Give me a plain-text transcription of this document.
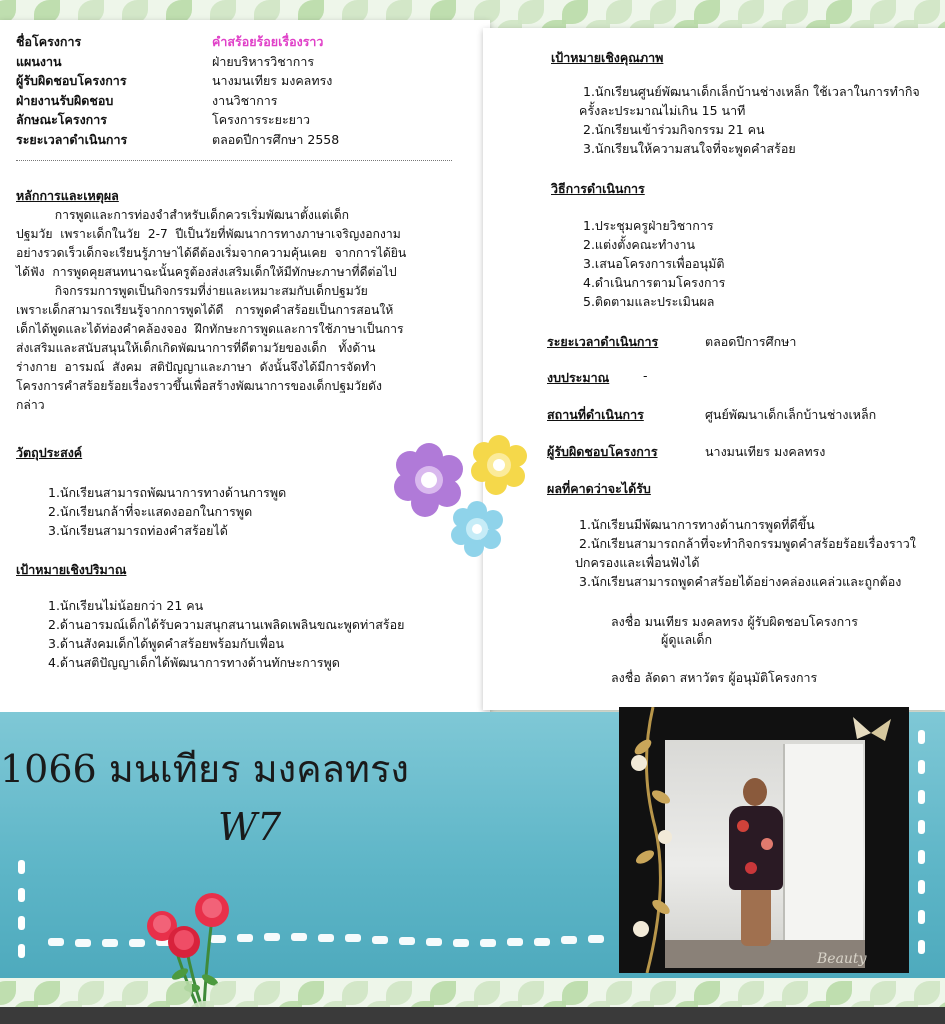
ชื่อโครงการ	คำสร้อยร้อยเรื่องราว
แผนงาน	ฝ่ายบริหารวิชาการ
ผู้รับผิดชอบโครงการ	นางมนเทียร มงคลทรง
ฝ่ายงานรับผิดชอบ	งานวิชาการ
ลักษณะโครงการ	โครงการระยะยาว
ระยะเวลาดำเนินการ	ตลอดปีการศึกษา 2558
หลักการและเหตุผล
การพูดและการท่องจำสำหรับเด็กควรเริ่มพัฒนาตั้งแต่เด็ก
ปฐมวัย  เพราะเด็กในวัย  2-7  ปีเป็นวัยที่พัฒนาการทางภาษาเจริญงอกงาม
อย่างรวดเร็วเด็กจะเรียนรู้ภาษาได้ดีต้องเริ่มจากความคุ้นเคย  จากการได้ยิน
ได้ฟัง  การพูดคุยสนทนาฉะนั้นครูต้องส่งเสริมเด็กให้มีทักษะภาษาที่ดีต่อไป
กิจกรรมการพูดเป็นกิจกรรมที่ง่ายและเหมาะสมกับเด็กปฐมวัย
เพราะเด็กสามารถเรียนรู้จากการพูดได้ดี   การพูดคำสร้อยเป็นการสอนให้
เด็กได้พูดและได้ท่องคำคล้องจอง  ฝึกทักษะการพูดและการใช้ภาษาเป็นการ
ส่งเสริมและสนับสนุนให้เด็กเกิดพัฒนาการที่ดีตามวัยของเด็ก   ทั้งด้าน
ร่างกาย  อารมณ์  สังคม  สติปัญญาและภาษา  ดังนั้นจึงได้มีการจัดทำ
โครงการคำสร้อยร้อยเรื่องราวขึ้นเพื่อสร้างพัฒนาการของเด็กปฐมวัยดัง
กล่าว
วัตถุประสงค์
1.นักเรียนสามารถพัฒนาการทางด้านการพูด
2.นักเรียนกล้าที่จะแสดงออกในการพูด
3.นักเรียนสามารถท่องคำสร้อยได้
เป้าหมายเชิงปริมาณ
1.นักเรียนไม่น้อยกว่า 21 คน
2.ด้านอารมณ์เด็กได้รับความสนุกสนานเพลิดเพลินขณะพูดท่าสร้อย
3.ด้านสังคมเด็กได้พูดคำสร้อยพร้อมกับเพื่อน
4.ด้านสติปัญญาเด็กได้พัฒนาการทางด้านทักษะการพูด
เป้าหมายเชิงคุณภาพ
1.นักเรียนศูนย์พัฒนาเด็กเล็กบ้านช่างเหล็ก ใช้เวลาในการทำกิจ
ครั้งละประมาณไม่เกิน 15 นาที
2.นักเรียนเข้าร่วมกิจกรรม 21 คน
3.นักเรียนให้ความสนใจที่จะพูดคำสร้อย
วิธีการดำเนินการ
1.ประชุมครูฝ่ายวิชาการ
2.แต่งตั้งคณะทำงาน
3.เสนอโครงการเพื่ออนุมัติ
4.ดำเนินการตามโครงการ
5.ติดตามและประเมินผล
ระยะเวลาดำเนินการ	ตลอดปีการศึกษา
งบประมาณ	-
สถานที่ดำเนินการ	ศูนย์พัฒนาเด็กเล็กบ้านช่างเหล็ก
ผู้รับผิดชอบโครงการ	นางมนเทียร มงคลทรง
ผลที่คาดว่าจะได้รับ
1.นักเรียนมีพัฒนาการทางด้านการพูดที่ดีขึ้น
2.นักเรียนสามารถกล้าที่จะทำกิจกรรมพูดคำสร้อยร้อยเรื่องราวใ
ปกครองและเพื่อนฟังได้
3.นักเรียนสามารถพูดคำสร้อยได้อย่างคล่องแคล่วและถูกต้อง
ลงชื่อ มนเทียร มงคลทรง ผู้รับผิดชอบโครงการ
ผู้ดูแลเด็ก
ลงชื่อ ลัดดา สหาวัตร ผู้อนุมัติโครงการ
1066 มนเทียร มงคลทรง
W7
Beauty
